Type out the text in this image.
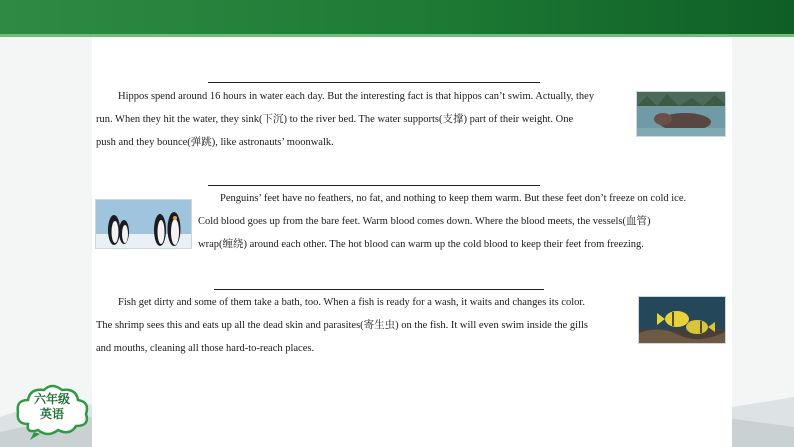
Hippos spend around 16 hours in water each day. But the interesting fact is that hippos can’t swim. Actually, they
run. When they hit the water, they sink(下沉) to the river bed. The water supports(支撑) part of their weight. One
push and they bounce(弹跳), like astronauts’ moonwalk.
Penguins’ feet have no feathers, no fat, and nothing to keep them warm. But these feet don’t freeze on cold ice.
Cold blood goes up from the bare feet. Warm blood comes down. Where the blood meets, the vessels(血管)
wrap(缠绕) around each other. The hot blood can warm up the cold blood to keep their feet from freezing.
Fish get dirty and some of them take a bath, too. When a fish is ready for a wash, it waits and changes its color.
The shrimp sees this and eats up all the dead skin and parasites(寄生虫) on the fish. It will even swim inside the gills
and mouths, cleaning all those hard-to-reach places.
六年级
英语
